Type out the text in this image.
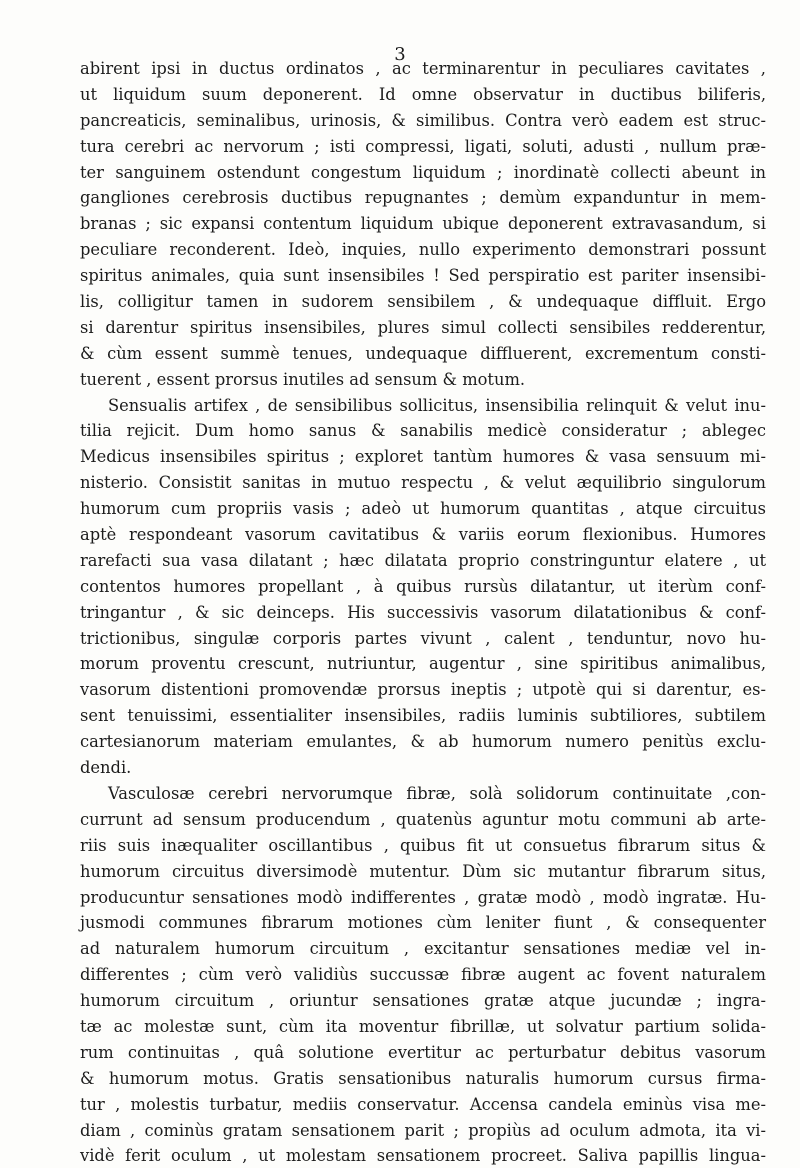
3
abirent ipsi in ductus ordinatos , ac terminarentur in peculiares cavitates ,
ut liquidum suum deponerent. Id omne observatur in ductibus biliferis,
pancreaticis, seminalibus, urinosis, & similibus. Contra verò eadem est struc-
tura cerebri ac nervorum ; isti compressi, ligati, soluti, adusti , nullum præ-
ter sanguinem ostendunt congestum liquidum ; inordinatè collecti abeunt in
gangliones cerebrosis ductibus repugnantes ; demùm expanduntur in mem-
branas ; sic expansi contentum liquidum ubique deponerent extravasandum, si
peculiare reconderent. Ideò, inquies, nullo experimento demonstrari possunt
spiritus animales, quia sunt insensibiles ! Sed perspiratio est pariter insensibi-
lis, colligitur tamen in sudorem sensibilem , & undequaque diffluit. Ergo
si darentur spiritus insensibiles, plures simul collecti sensibiles redderentur,
& cùm essent summè tenues, undequaque diffluerent, excrementum consti-
tuerent , essent prorsus inutiles ad sensum & motum.
Sensualis artifex , de sensibilibus sollicitus, insensibilia relinquit & velut inu-
tilia rejicit. Dum homo sanus & sanabilis medicè consideratur ; ablegec
Medicus insensibiles spiritus ; exploret tantùm humores & vasa sensuum mi-
nisterio. Consistit sanitas in mutuo respectu , & velut æquilibrio singulorum
humorum cum propriis vasis ; adeò ut humorum quantitas , atque circuitus
aptè respondeant vasorum cavitatibus & variis eorum flexionibus. Humores
rarefacti sua vasa dilatant ; hæc dilatata proprio constringuntur elatere , ut
contentos humores propellant , à quibus rursùs dilatantur, ut iterùm conf-
tringantur , & sic deinceps. His successivis vasorum dilatationibus & conf-
trictionibus, singulæ corporis partes vivunt , calent , tenduntur, novo hu-
morum proventu crescunt, nutriuntur, augentur , sine spiritibus animalibus,
vasorum distentioni promovendæ prorsus ineptis ; utpotè qui si darentur, es-
sent tenuissimi, essentialiter insensibiles, radiis luminis subtiliores, subtilem
cartesianorum materiam emulantes, & ab humorum numero penitùs exclu-
dendi.
Vasculosæ cerebri nervorumque fibræ, solà solidorum continuitate ,con-
currunt ad sensum producendum , quatenùs aguntur motu communi ab arte-
riis suis inæqualiter oscillantibus , quibus fit ut consuetus fibrarum situs &
humorum circuitus diversimodè mutentur. Dùm sic mutantur fibrarum situs,
producuntur sensationes modò indifferentes , gratæ modò , modò ingratæ. Hu-
jusmodi communes fibrarum motiones cùm leniter fiunt , & consequenter
ad naturalem humorum circuitum , excitantur sensationes mediæ vel in-
differentes ; cùm verò validiùs succussæ fibræ augent ac fovent naturalem
humorum circuitum , oriuntur sensationes gratæ atque jucundæ ; ingra-
tæ ac molestæ sunt, cùm ita moventur fibrillæ, ut solvatur partium solida-
rum continuitas , quâ solutione evertitur ac perturbatur debitus vasorum
& humorum motus. Gratis sensationibus naturalis humorum cursus firma-
tur , molestis turbatur, mediis conservatur. Accensa candela eminùs visa me-
diam , cominùs gratam sensationem parit ; propiùs ad oculum admota, ita vi-
vidè ferit oculum , ut molestam sensationem procreet. Saliva papillis lingua-
